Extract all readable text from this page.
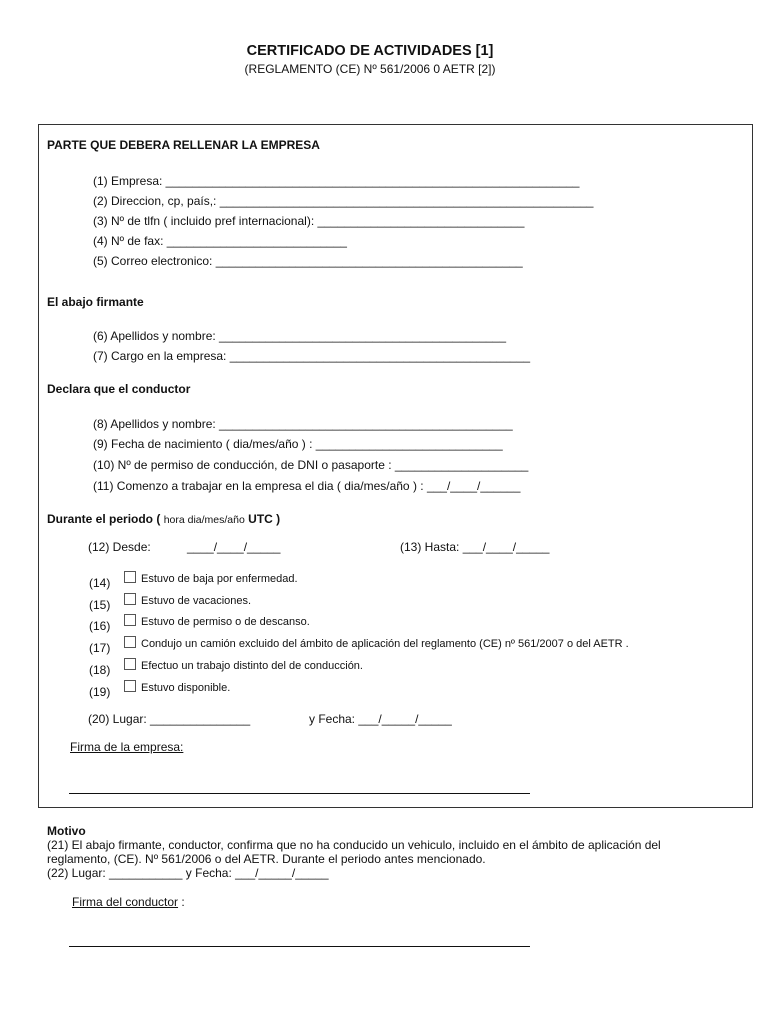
CERTIFICADO DE ACTIVIDADES [1]
(REGLAMENTO (CE) Nº 561/2006 0 AETR [2])
PARTE QUE DEBERA RELLENAR LA EMPRESA
(1) Empresa: ______________________________________________________________
(2) Direccion, cp, país,: ________________________________________________________
(3) Nº de tlfn ( incluido pref internacional): _______________________________
(4) Nº de fax: ___________________________
(5) Correo electronico: ______________________________________________
El abajo firmante
(6) Apellidos y nombre: ___________________________________________
(7) Cargo en la empresa: _____________________________________________
Declara que el conductor
(8) Apellidos y nombre: ____________________________________________
(9) Fecha de nacimiento ( dia/mes/año ) : ____________________________
(10) Nº de permiso de conducción, de DNI o pasaporte : ____________________
(11) Comenzo a trabajar en la empresa el dia ( dia/mes/año ) : ___/____/______
Durante el periodo ( hora dia/mes/año UTC )
(12) Desde:	____/____/_____	(13) Hasta: ___/____/_____
(14)	Estuvo de baja por enfermedad.
(15)	Estuvo de vacaciones.
(16)	Estuvo de permiso o de descanso.
(17)	Condujo un camión excluido del ámbito de aplicación del reglamento (CE) nº 561/2007 o del AETR .
(18)	Efectuo un trabajo distinto del de conducción.
(19)	Estuvo disponible.
(20) Lugar: _______________	y Fecha: ___/_____/_____
Firma de la empresa:
Motivo
(21) El abajo firmante, conductor, confirma que no ha conducido un vehiculo, incluido en el ámbito de aplicación del
reglamento, (CE). Nº 561/2006 o del AETR. Durante el periodo antes mencionado.
(22) Lugar: ___________ y Fecha: ___/_____/_____
Firma del conductor :
